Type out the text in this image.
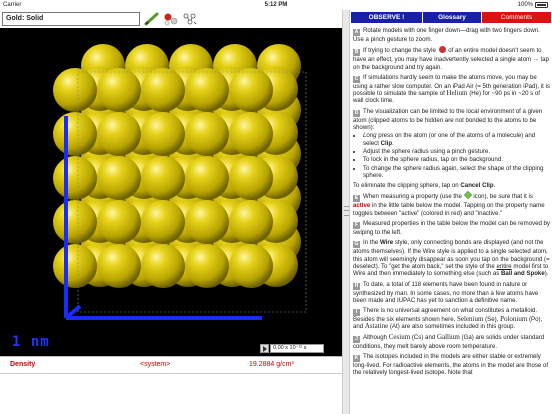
Carrier	5:12 PM	100%
Gold: Solid
1 nm	0.00 x 10⁻¹² s
Density	<system>	19.2884 g/cm³
OBSERVE !	Glossary	Comments

A Rotate models with one finger down—drag with two fingers down. Use a pinch gesture to zoom.

B If trying to change the style of an entire model doesn't seem to have an effect, you may have inadvertently selected a single atom → tap on the background and try again.

C If simulations hardly seem to make the atoms move, you may be using a rather slow computer. On an iPad Air (= 5th generation iPad), it is possible to simulate the sample of Helium (He) for ~90 ps in ~20 s of wall clock time.

D The visualization can be limited to the local environment of a given atom (clipped atoms to be hidden are not bonded to the atoms to be shown):
• Long press on the atom (or one of the atoms of a molecule) and select Clip.
• Adjust the sphere radius using a pinch gesture.
• To lock in the sphere radius, tap on the background.
• To change the sphere radius again, select the shape of the clipping sphere.
To eliminate the clipping sphere, tap on Cancel Clip.

E When measuring a property (use the icon), be sure that it is active in the little table below the model. Tapping on the property name toggles between "active" (colored in red) and "inactive."

F Measured properties in the table below the model can be removed by swiping to the left.

G In the Wire style, only connecting bonds are displayed (and not the atoms themselves). If the Wire style is applied to a single selected atom, this atom will seemingly disappear as soon you tap on the background (= deselect). To "get the atom back," set the style of the entire model first to Wire and then immediately to something else (such as Ball and Spoke).

H To date, a total of 118 elements have been found in nature or synthesized by man. In some cases, no more than a few atoms have been made and IUPAC has yet to sanction a definitive name.

I There is no universal agreement on what constitutes a metalloid. Besides the six elements shown here, Selenium (Se), Polonium (Po), and Astatine (At) are also sometimes included in this group.

J Although Cesium (Cs) and Gallium (Ga) are solids under standard conditions, they melt barely above room temperature.

K The isotopes included in the models are either stable or extremely long-lived. For radioactive elements, the atoms in the model are those of the relatively longest-lived isotope. Note that
